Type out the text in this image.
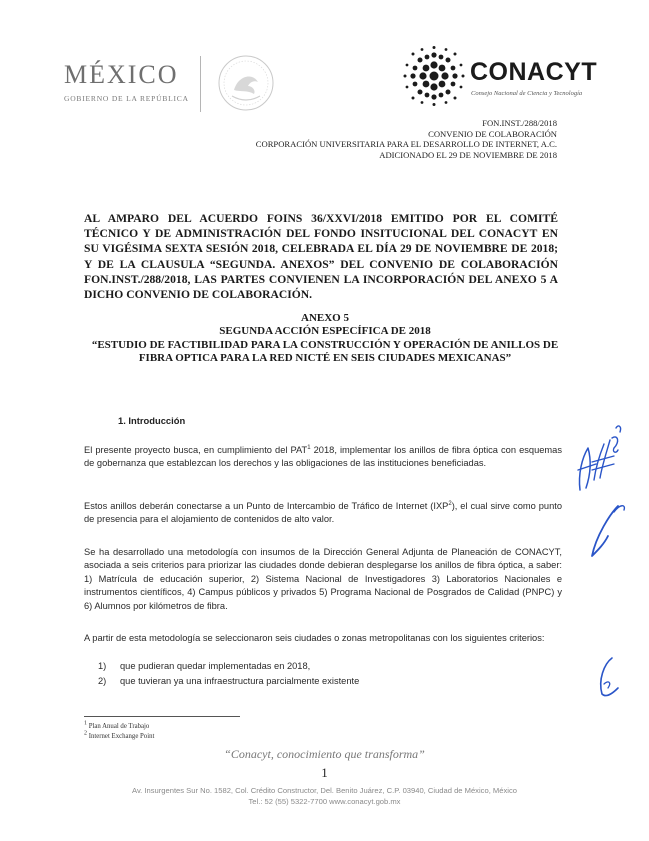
MÉXICO
GOBIERNO DE LA REPÚBLICA
CONACYT
Consejo Nacional de Ciencia y Tecnología
FON.INST./288/2018
CONVENIO DE COLABORACIÓN
CORPORACIÓN UNIVERSITARIA PARA EL DESARROLLO DE INTERNET, A.C.
ADICIONADO EL 29 DE NOVIEMBRE DE 2018
AL AMPARO DEL ACUERDO FOINS 36/XXVI/2018 EMITIDO POR EL COMITÉ TÉCNICO Y DE ADMINISTRACIÓN DEL FONDO INSITUCIONAL DEL CONACYT EN SU VIGÉSIMA SEXTA SESIÓN 2018, CELEBRADA EL DÍA 29 DE NOVIEMBRE DE 2018; Y DE LA CLAUSULA “SEGUNDA. ANEXOS” DEL CONVENIO DE COLABORACIÓN FON.INST./288/2018, LAS PARTES CONVIENEN LA INCORPORACIÓN DEL ANEXO 5 A DICHO CONVENIO DE COLABORACIÓN.
ANEXO 5
SEGUNDA ACCIÓN ESPECÍFICA DE 2018
“ESTUDIO DE FACTIBILIDAD PARA LA CONSTRUCCIÓN Y OPERACIÓN DE ANILLOS DE
FIBRA OPTICA PARA LA RED NICTÉ EN SEIS CIUDADES MEXICANAS”
1. Introducción
El presente proyecto busca, en cumplimiento del PAT$^1$ 2018, implementar los anillos de fibra óptica con esquemas de gobernanza que establezcan los derechos y las obligaciones de las instituciones beneficiadas.
Estos anillos deberán conectarse a un Punto de Intercambio de Tráfico de Internet (IXP$^2$), el cual sirve como punto de presencia para el alojamiento de contenidos de alto valor.
Se ha desarrollado una metodología con insumos de la Dirección General Adjunta de Planeación de CONACYT, asociada a seis criterios para priorizar las ciudades donde debieran desplegarse los anillos de fibra óptica, a saber: 1) Matrícula de educación superior, 2) Sistema Nacional de Investigadores 3) Laboratorios Nacionales e instrumentos científicos, 4) Campus públicos y privados 5) Programa Nacional de Posgrados de Calidad (PNPC) y 6) Alumnos por kilómetros de fibra.
A partir de esta metodología se seleccionaron seis ciudades o zonas metropolitanas con los siguientes criterios:
1) que pudieran quedar implementadas en 2018,
2) que tuvieran ya una infraestructura parcialmente existente
$^1$ Plan Anual de Trabajo
$^2$ Internet Exchange Point
“Conacyt, conocimiento que transforma”
1
Av. Insurgentes Sur No. 1582, Col. Crédito Constructor, Del. Benito Juárez, C.P. 03940, Ciudad de México, México
Tel.: 52 (55) 5322-7700 www.conacyt.gob.mx
